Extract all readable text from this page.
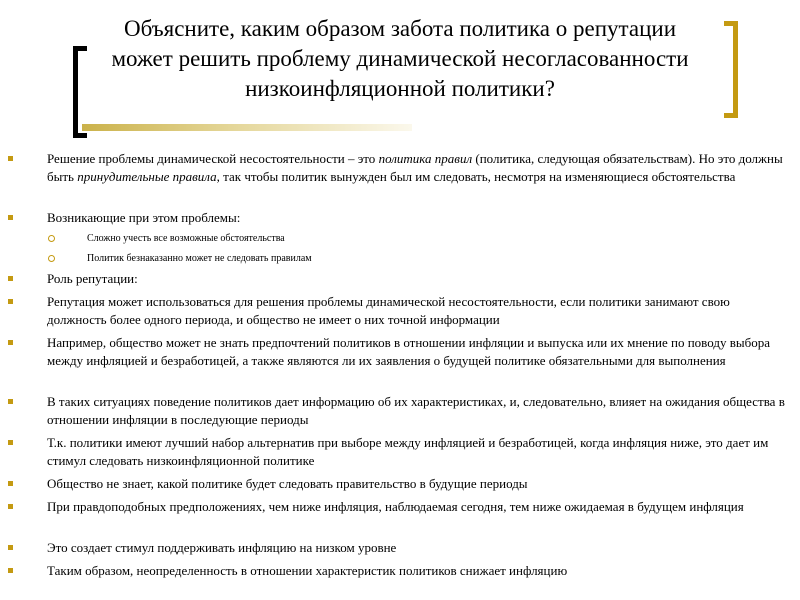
Объясните, каким образом забота политика о репутации может решить проблему динамической несогласованности низкоинфляционной политики?
Решение проблемы динамической несостоятельности – это политика правил (политика, следующая обязательствам). Но это должны быть принудительные правила, так чтобы политик вынужден был им следовать, несмотря на изменяющиеся обстоятельства
Возникающие при этом проблемы:
Сложно учесть все возможные обстоятельства
Политик безнаказанно может не следовать правилам
Роль репутации:
Репутация может использоваться для решения проблемы динамической несостоятельности, если политики занимают свою должность более одного периода, и общество не имеет о них точной информации
Например, общество может не знать предпочтений политиков в отношении инфляции и выпуска или их мнение по поводу выбора между инфляцией и безработицей, а также являются ли их заявления о будущей политике обязательными для выполнения
В таких ситуациях поведение политиков дает информацию об их характеристиках, и, следовательно, влияет на ожидания общества в отношении инфляции в последующие периоды
Т.к. политики имеют лучший набор альтернатив при выборе между инфляцией и безработицей, когда инфляция ниже, это дает им стимул следовать низкоинфляционной политике
Общество не знает, какой политике будет следовать правительство в будущие периоды
При правдоподобных предположениях, чем ниже инфляция, наблюдаемая сегодня, тем ниже ожидаемая в будущем инфляция
Это создает стимул поддерживать инфляцию на низком уровне
Таким образом, неопределенность в отношении характеристик политиков снижает инфляцию
